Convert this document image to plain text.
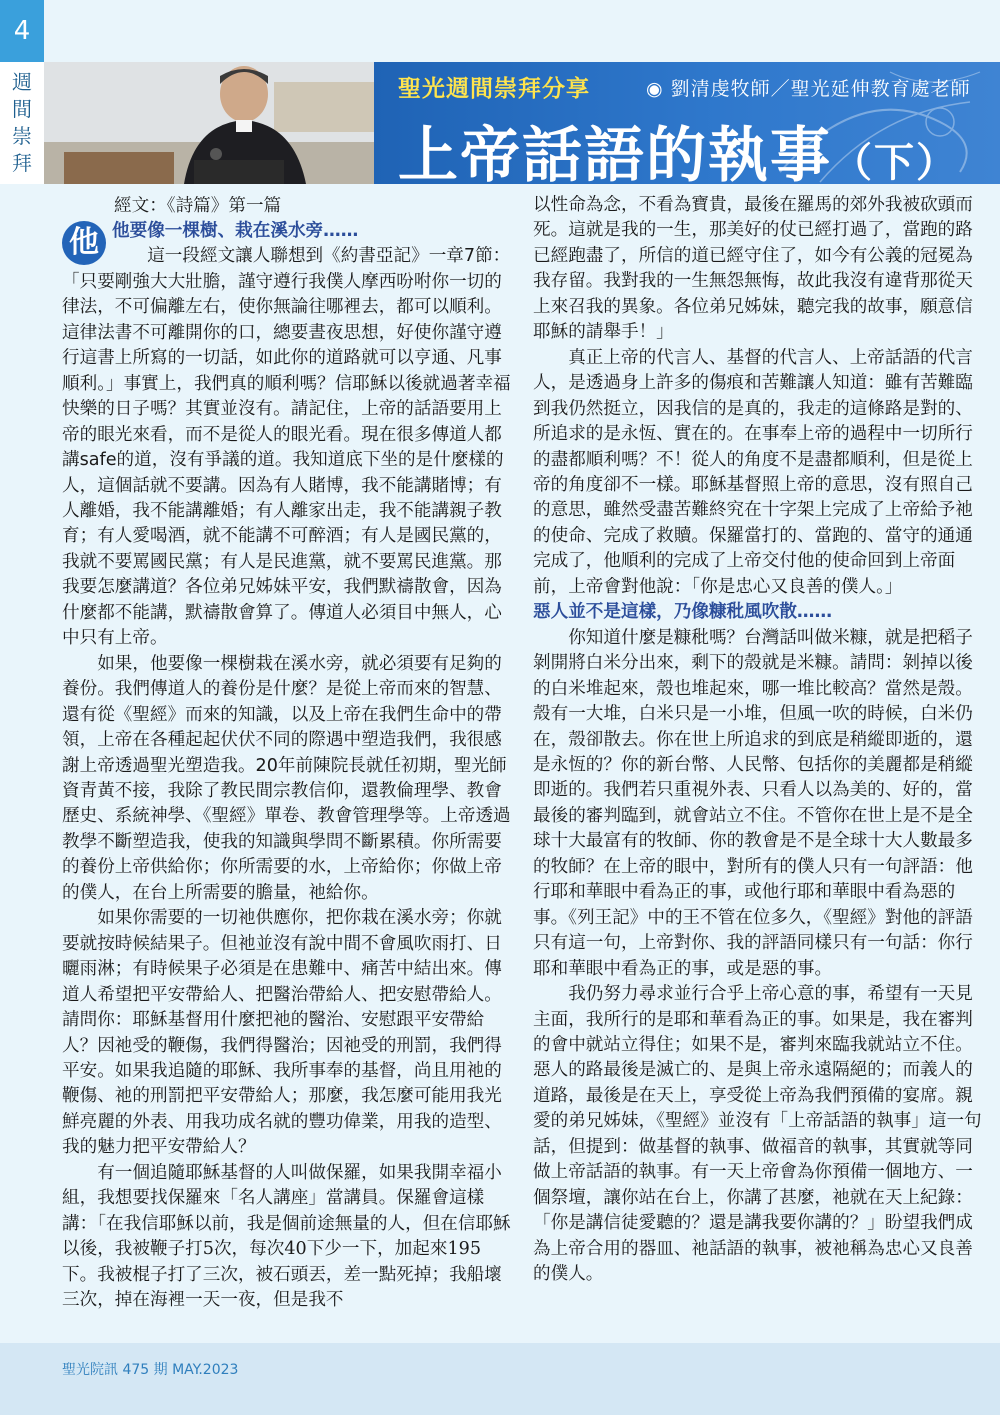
4
週間崇拜
聖光週間崇拜分享	◉ 劉清虔牧師／聖光延伸教育處老師
上帝話語的執事（下）
經文：《詩篇》第一篇
他 他要像一棵樹、栽在溪水旁……

這一段經文讓人聯想到《約書亞記》一章7節：

「只要剛強大大壯膽，謹守遵行我僕人摩西吩咐你一切的律法，不可偏離左右，使你無論往哪裡去，都可以順利。這律法書不可離開你的口，總要晝夜思想，好使你謹守遵行這書上所寫的一切話，如此你的道路就可以亨通、凡事順利。」事實上，我們真的順利嗎？信耶穌以後就過著幸福快樂的日子嗎？其實並沒有。請記住，上帝的話語要用上帝的眼光來看，而不是從人的眼光看。現在很多傳道人都講safe的道，沒有爭議的道。我知道底下坐的是什麼樣的人，這個話就不要講。因為有人賭博，我不能講賭博；有人離婚，我不能講離婚；有人離家出走，我不能講親子教育；有人愛喝酒，就不能講不可醉酒；有人是國民黨的，我就不要罵國民黨；有人是民進黨，就不要罵民進黨。那我要怎麼講道？各位弟兄姊妹平安，我們默禱散會，因為什麼都不能講，默禱散會算了。傳道人必須目中無人，心中只有上帝。

如果，他要像一棵樹栽在溪水旁，就必須要有足夠的養份。我們傳道人的養份是什麼？是從上帝而來的智慧、還有從《聖經》而來的知識，以及上帝在我們生命中的帶領，上帝在各種起起伏伏不同的際遇中塑造我們，我很感謝上帝透過聖光塑造我。20年前陳院長就任初期，聖光師資青黃不接，我除了教民間宗教信仰，還教倫理學、教會歷史、系統神學、《聖經》單卷、教會管理學等。上帝透過教學不斷塑造我，使我的知識與學問不斷累積。你所需要的養份上帝供給你；你所需要的水，上帝給你；你做上帝的僕人，在台上所需要的膽量，祂給你。

如果你需要的一切祂供應你，把你栽在溪水旁；你就要就按時候結果子。但祂並沒有說中間不會風吹雨打、日曬雨淋；有時候果子必須是在患難中、痛苦中結出來。傳道人希望把平安帶給人、把醫治帶給人、把安慰帶給人。請問你：耶穌基督用什麼把祂的醫治、安慰跟平安帶給人？因祂受的鞭傷，我們得醫治；因祂受的刑罰，我們得平安。如果我追隨的耶穌、我所事奉的基督，尚且用祂的鞭傷、祂的刑罰把平安帶給人；那麼，我怎麼可能用我光鮮亮麗的外表、用我功成名就的豐功偉業，用我的造型、我的魅力把平安帶給人？

有一個追隨耶穌基督的人叫做保羅，如果我開幸福小組，我想要找保羅來「名人講座」當講員。保羅會這樣講：「在我信耶穌以前，我是個前途無量的人，但在信耶穌以後，我被鞭子打5次，每次40下少一下，加起來195下。我被棍子打了三次，被石頭丟，差一點死掉；我船壞三次，掉在海裡一天一夜，但是我不

以性命為念，不看為寶貴，最後在羅馬的郊外我被砍頭而死。這就是我的一生，那美好的仗已經打過了，當跑的路已經跑盡了，所信的道已經守住了，如今有公義的冠冕為我存留。我對我的一生無怨無悔，故此我沒有違背那從天上來召我的異象。各位弟兄姊妹，聽完我的故事，願意信耶穌的請舉手！」

真正上帝的代言人、基督的代言人、上帝話語的代言人，是透過身上許多的傷痕和苦難讓人知道：雖有苦難臨到我仍然挺立，因我信的是真的，我走的這條路是對的、所追求的是永恆、實在的。在事奉上帝的過程中一切所行的盡都順利嗎？不！從人的角度不是盡都順利，但是從上帝的角度卻不一樣。耶穌基督照上帝的意思，沒有照自己的意思，雖然受盡苦難終究在十字架上完成了上帝給予祂的使命、完成了救贖。保羅當打的、當跑的、當守的通通完成了，他順利的完成了上帝交付他的使命回到上帝面前，上帝會對他說：「你是忠心又良善的僕人。」

惡人並不是這樣，乃像糠秕風吹散……

你知道什麼是糠秕嗎？台灣話叫做米糠，就是把稻子剝開將白米分出來，剩下的殼就是米糠。請問：剝掉以後的白米堆起來，殼也堆起來，哪一堆比較高？當然是殼。殼有一大堆，白米只是一小堆，但風一吹的時候，白米仍在，殼卻散去。你在世上所追求的到底是稍縱即逝的，還是永恆的？你的新台幣、人民幣、包括你的美麗都是稍縱即逝的。我們若只重視外表、只看人以為美的、好的，當最後的審判臨到，就會站立不住。不管你在世上是不是全球十大最富有的牧師、你的教會是不是全球十大人數最多的牧師？在上帝的眼中，對所有的僕人只有一句評語：他行耶和華眼中看為正的事，或他行耶和華眼中看為惡的事。《列王記》中的王不管在位多久，《聖經》對他的評語只有這一句，上帝對你、我的評語同樣只有一句話：你行耶和華眼中看為正的事，或是惡的事。

我仍努力尋求並行合乎上帝心意的事，希望有一天見主面，我所行的是耶和華看為正的事。如果是，我在審判的會中就站立得住；如果不是，審判來臨我就站立不住。惡人的路最後是滅亡的、是與上帝永遠隔絕的；而義人的道路，最後是在天上，享受從上帝為我們預備的宴席。親愛的弟兄姊妹，《聖經》並沒有「上帝話語的執事」這一句話，但提到：做基督的執事、做福音的執事，其實就等同做上帝話語的執事。有一天上帝會為你預備一個地方、一個祭壇，讓你站在台上，你講了甚麼，祂就在天上紀錄：「你是講信徒愛聽的？還是講我要你講的？」盼望我們成為上帝合用的器皿、祂話語的執事，被祂稱為忠心又良善的僕人。

聖光院訊 475 期 MAY.2023
